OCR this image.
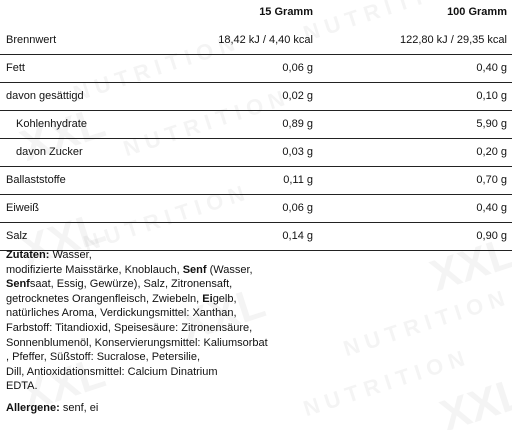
15 Gramm	100 Gramm
Brennwert	18,42 kJ / 4,40 kcal	122,80 kJ / 29,35 kcal
Fett	0,06 g	0,40 g
davon gesättigd	0,02 g	0,10 g
Kohlenhydrate	0,89 g	5,90 g
davon Zucker	0,03 g	0,20 g
Ballaststoffe	0,11 g	0,70 g
Eiweiß	0,06 g	0,40 g
Salz	0,14 g	0,90 g
Zutaten: Wasser,
modifizierte Maisstärke, Knoblauch, Senf (Wasser,
Senfsaat, Essig, Gewürze), Salz, Zitronensaft,
getrocknetes Orangenfleisch, Zwiebeln, Eigelb,
natürliches Aroma, Verdickungsmittel: Xanthan,
Farbstoff: Titandioxid, Speisesäure: Zitronensäure,
Sonnenblumenöl, Konservierungsmittel: Kaliumsorbat
, Pfeffer, Süßstoff: Sucralose, Petersilie,
Dill, Antioxidationsmittel: Calcium Dinatrium
EDTA.
Allergene: senf, ei
